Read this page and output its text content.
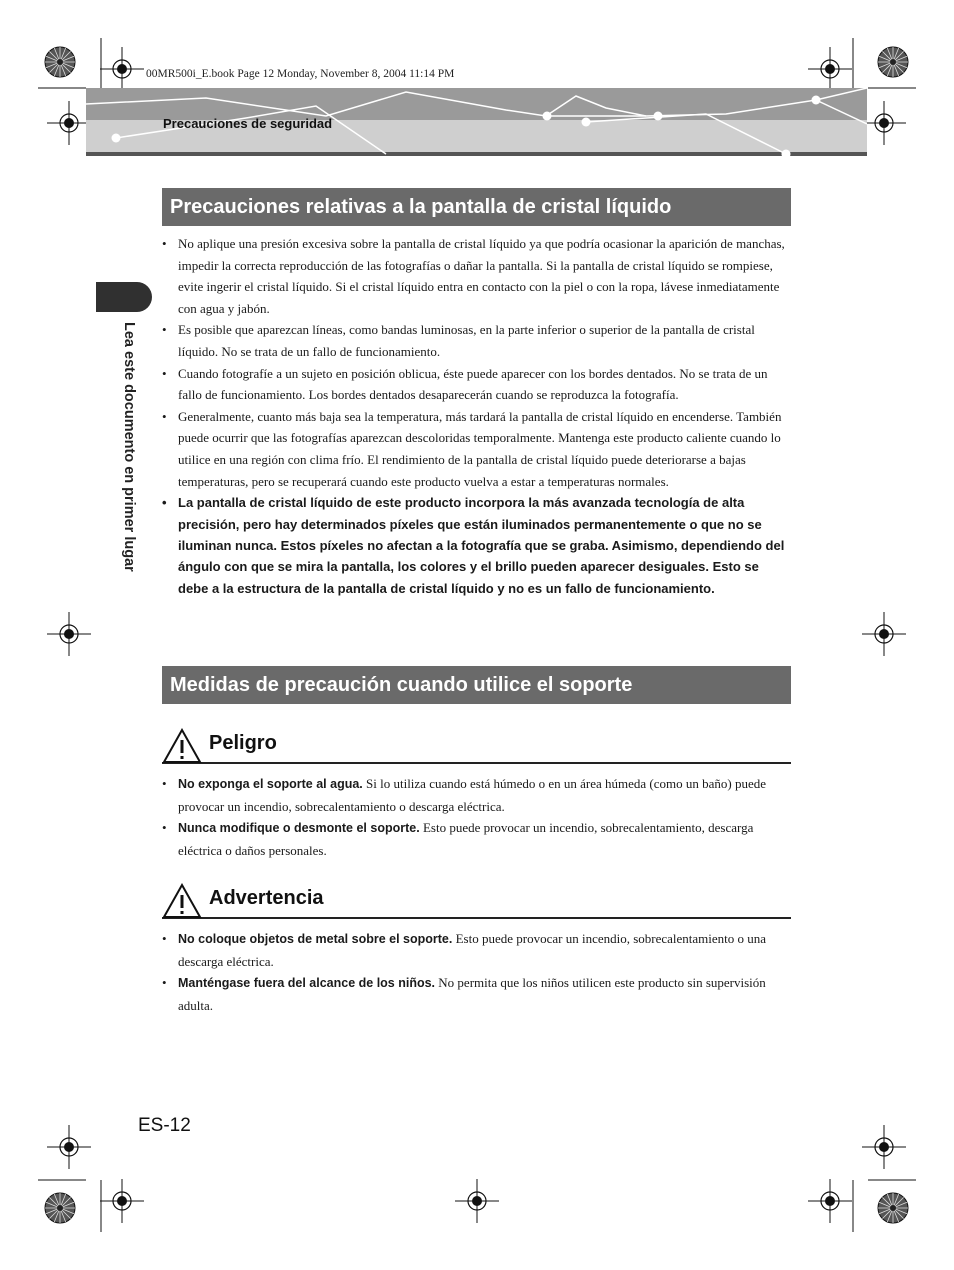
00MR500i_E.book Page 12 Monday, November 8, 2004 11:14 PM
Precauciones de seguridad
Lea este documento en primer lugar
Precauciones relativas a la pantalla de cristal líquido
• No aplique una presión excesiva sobre la pantalla de cristal líquido ya que podría ocasionar la aparición de manchas, impedir la correcta reproducción de las fotografías o dañar la pantalla. Si la pantalla de cristal líquido se rompiese, evite ingerir el cristal líquido. Si el cristal líquido entra en contacto con la piel o con la ropa, lávese inmediatamente con agua y jabón.
• Es posible que aparezcan líneas, como bandas luminosas, en la parte inferior o superior de la pantalla de cristal líquido. No se trata de un fallo de funcionamiento.
• Cuando fotografíe a un sujeto en posición oblicua, éste puede aparecer con los bordes dentados. No se trata de un fallo de funcionamiento. Los bordes dentados desaparecerán cuando se reproduzca la fotografía.
• Generalmente, cuanto más baja sea la temperatura, más tardará la pantalla de cristal líquido en encenderse. También puede ocurrir que las fotografías aparezcan descoloridas temporalmente. Mantenga este producto caliente cuando lo utilice en una región con clima frío. El rendimiento de la pantalla de cristal líquido puede deteriorarse a bajas temperaturas, pero se recuperará cuando este producto vuelva a estar a temperaturas normales.
• La pantalla de cristal líquido de este producto incorpora la más avanzada tecnología de alta precisión, pero hay determinados píxeles que están iluminados permanentemente o que no se iluminan nunca. Estos píxeles no afectan a la fotografía que se graba. Asimismo, dependiendo del ángulo con que se mira la pantalla, los colores y el brillo pueden aparecer desiguales. Esto se debe a la estructura de la pantalla de cristal líquido y no es un fallo de funcionamiento.
Medidas de precaución cuando utilice el soporte
Peligro
• No exponga el soporte al agua. Si lo utiliza cuando está húmedo o en un área húmeda (como un baño) puede provocar un incendio, sobrecalentamiento o descarga eléctrica.
• Nunca modifique o desmonte el soporte. Esto puede provocar un incendio, sobrecalentamiento, descarga eléctrica o daños personales.
Advertencia
• No coloque objetos de metal sobre el soporte. Esto puede provocar un incendio, sobrecalentamiento o una descarga eléctrica.
• Manténgase fuera del alcance de los niños. No permita que los niños utilicen este producto sin supervisión adulta.
ES-12
